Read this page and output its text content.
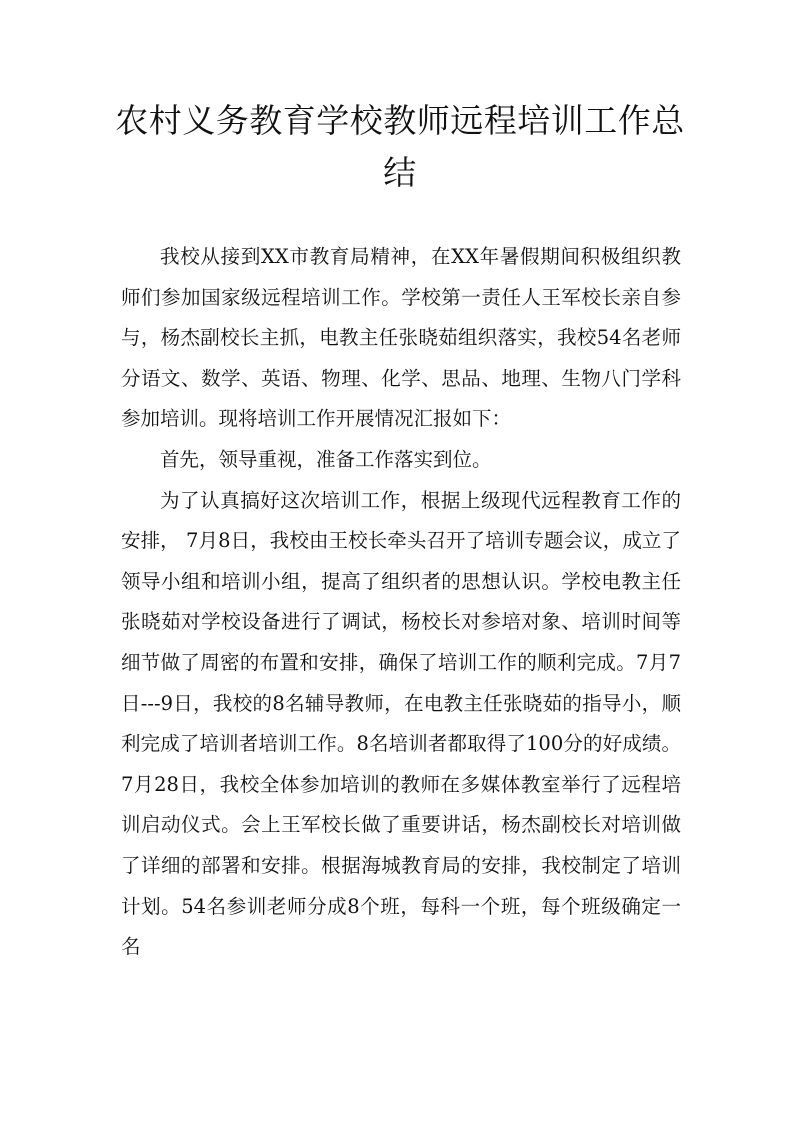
农村义务教育学校教师远程培训工作总结

我校从接到XX市教育局精神，在XX年暑假期间积极组织教师们参加国家级远程培训工作。学校第一责任人王军校长亲自参与，杨杰副校长主抓，电教主任张晓茹组织落实，我校54名老师分语文、数学、英语、物理、化学、思品、地理、生物八门学科参加培训。现将培训工作开展情况汇报如下：

首先，领导重视，准备工作落实到位。

为了认真搞好这次培训工作，根据上级现代远程教育工作的安排， 7月8日，我校由王校长牵头召开了培训专题会议，成立了领导小组和培训小组，提高了组织者的思想认识。学校电教主任张晓茹对学校设备进行了调试，杨校长对参培对象、培训时间等细节做了周密的布置和安排，确保了培训工作的顺利完成。7月7日---9日，我校的8名辅导教师，在电教主任张晓茹的指导小，顺利完成了培训者培训工作。8名培训者都取得了100分的好成绩。7月28日，我校全体参加培训的教师在多媒体教室举行了远程培训启动仪式。会上王军校长做了重要讲话，杨杰副校长对培训做了详细的部署和安排。根据海城教育局的安排，我校制定了培训计划。54名参训老师分成8个班，每科一个班，每个班级确定一名
